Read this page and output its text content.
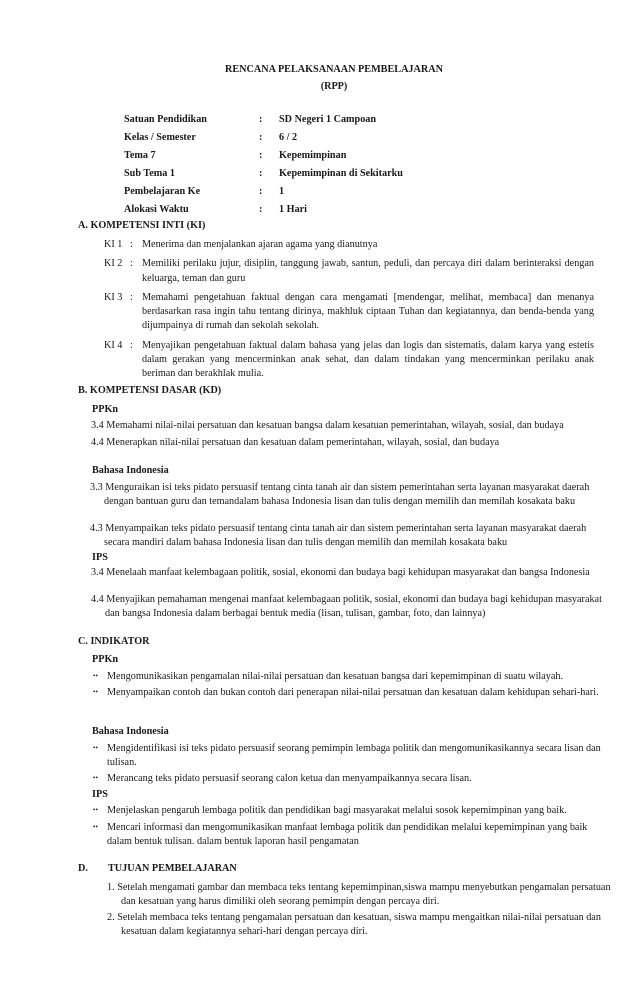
RENCANA PELAKSANAAN PEMBELAJARAN
(RPP)
Satuan Pendidikan	:	SD Negeri 1 Campoan
Kelas / Semester	:	6 / 2
Tema 7	:	Kepemimpinan
Sub Tema 1	:	Kepemimpinan di Sekitarku
Pembelajaran Ke	:	1
Alokasi Waktu	:	1 Hari
A. KOMPETENSI INTI (KI)
KI 1 : Menerima dan menjalankan ajaran agama yang dianutnya
KI 2 : Memiliki perilaku jujur, disiplin, tanggung jawab, santun, peduli, dan percaya diri dalam berinteraksi dengan keluarga, teman dan guru
KI 3 : Memahami pengetahuan faktual dengan cara mengamati [mendengar, melihat, membaca] dan menanya berdasarkan rasa ingin tahu tentang dirinya, makhluk ciptaan Tuhan dan kegiatannya, dan benda-benda yang dijumpainya di rumah dan sekolah sekolah.
KI 4 : Menyajikan pengetahuan faktual dalam bahasa yang jelas dan logis dan sistematis, dalam karya yang estetis dalam gerakan yang mencerminkan anak sehat, dan dalam tindakan yang mencerminkan perilaku anak beriman dan berakhlak mulia.
B. KOMPETENSI DASAR (KD)
PPKn
3.4 Memahami nilai-nilai persatuan dan kesatuan bangsa dalam kesatuan pemerintahan, wilayah, sosial, dan budaya
4.4 Menerapkan nilai-nilai persatuan dan kesatuan dalam pemerintahan, wilayah, sosial, dan budaya
Bahasa Indonesia
3.3 Menguraikan isi teks pidato persuasif tentang cinta tanah air dan sistem pemerintahan serta layanan masyarakat daerah dengan bantuan guru dan temandalam bahasa Indonesia lisan dan tulis dengan memilih dan memilah kosakata baku
4.3 Menyampaikan teks pidato persuasif tentang cinta tanah air dan sistem pemerintahan serta layanan masyarakat daerah secara mandiri dalam bahasa Indonesia lisan dan tulis dengan memilih dan memilah kosakata baku
IPS
3.4 Menelaah manfaat kelembagaan politik, sosial, ekonomi dan budaya bagi kehidupan masyarakat dan bangsa Indonesia
4.4 Menyajikan pemahaman mengenai manfaat kelembagaan politik, sosial, ekonomi dan budaya bagi kehidupan masyarakat dan bangsa Indonesia dalam berbagai bentuk media (lisan, tulisan, gambar, foto, dan lainnya)
C. INDIKATOR
PPKn
•• Mengomunikasikan pengamalan nilai-nilai persatuan dan kesatuan bangsa dari kepemimpinan di suatu wilayah.
•• Menyampaikan contoh dan bukan contoh dari penerapan nilai-nilai persatuan dan kesatuan dalam kehidupan sehari-hari.
Bahasa Indonesia
•• Mengidentifikasi isi teks pidato persuasif seorang pemimpin lembaga politik dan mengomunikasikannya secara lisan dan tulisan.
•• Merancang teks pidato persuasif seorang calon ketua dan menyampaikannya secara lisan.
IPS
•• Menjelaskan pengaruh lembaga politik dan pendidikan bagi masyarakat melalui sosok kepemimpinan yang baik.
•• Mencari informasi dan mengomunikasikan manfaat lembaga politik dan pendidikan melalui kepemimpinan yang baik dalam bentuk tulisan. dalam bentuk laporan hasil pengamatan
D. TUJUAN PEMBELAJARAN
1. Setelah mengamati gambar dan membaca teks tentang kepemimpinan,siswa mampu menyebutkan pengamalan persatuan dan kesatuan yang harus dimiliki oleh seorang pemimpin dengan percaya diri.
2. Setelah membaca teks tentang pengamalan persatuan dan kesatuan, siswa mampu mengaitkan nilai-nilai persatuan dan kesatuan dalam kegiatannya sehari-hari dengan percaya diri.
